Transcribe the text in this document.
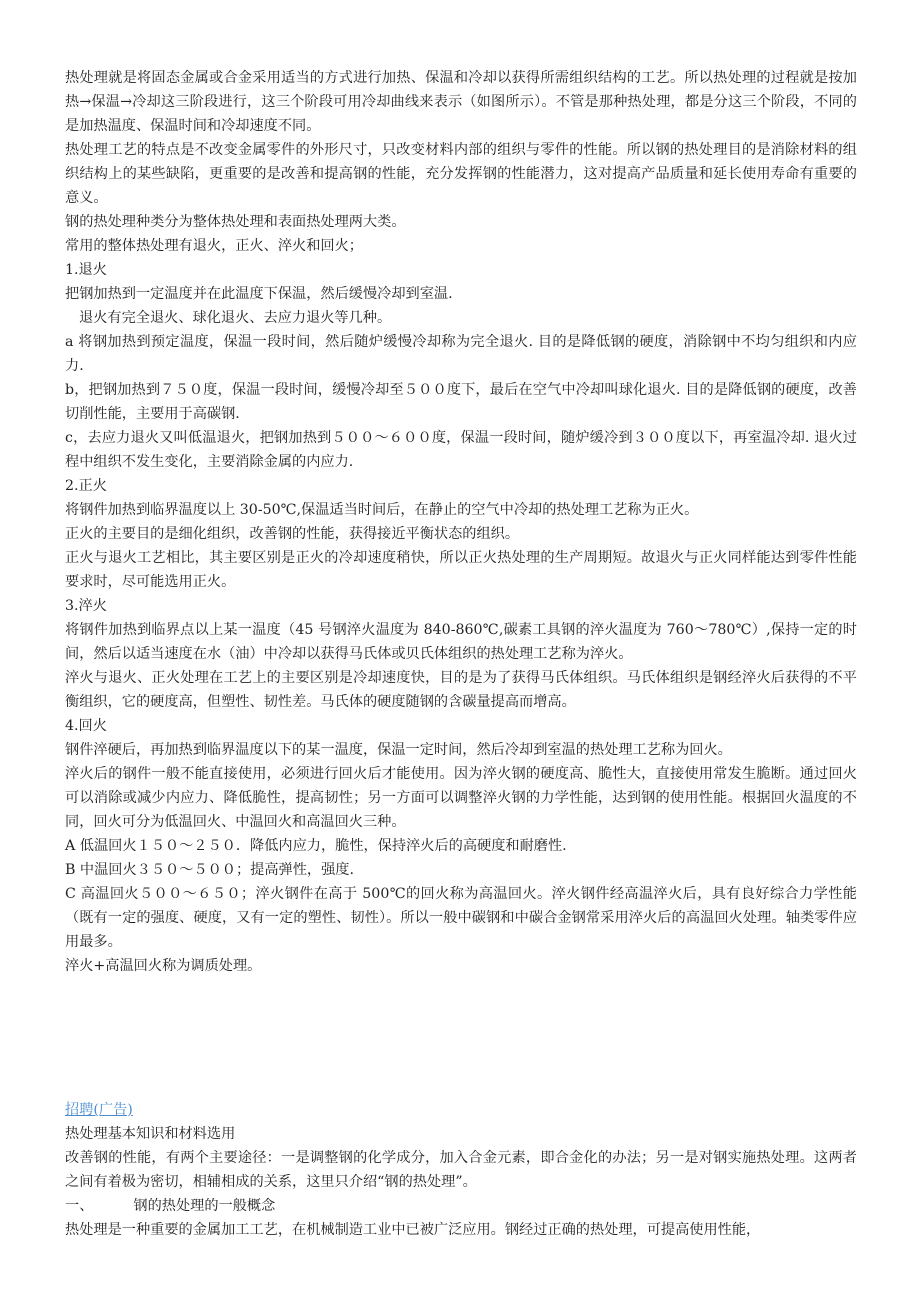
热处理就是将固态金属或合金采用适当的方式进行加热、保温和冷却以获得所需组织结构的工艺。所以热处理的过程就是按加热→保温→冷却这三阶段进行，这三个阶段可用冷却曲线来表示（如图所示）。不管是那种热处理，都是分这三个阶段，不同的是加热温度、保温时间和冷却速度不同。

热处理工艺的特点是不改变金属零件的外形尺寸，只改变材料内部的组织与零件的性能。所以钢的热处理目的是消除材料的组织结构上的某些缺陷，更重要的是改善和提高钢的性能，充分发挥钢的性能潜力，这对提高产品质量和延长使用寿命有重要的意义。

钢的热处理种类分为整体热处理和表面热处理两大类。

常用的整体热处理有退火，正火、淬火和回火；

1.退火

把钢加热到一定温度并在此温度下保温，然后缓慢冷却到室温.

退火有完全退火、球化退火、去应力退火等几种。

a 将钢加热到预定温度，保温一段时间，然后随炉缓慢冷却称为完全退火. 目的是降低钢的硬度，消除钢中不均匀组织和内应力.

b，把钢加热到７５０度，保温一段时间，缓慢冷却至５００度下，最后在空气中冷却叫球化退火. 目的是降低钢的硬度，改善切削性能，主要用于高碳钢.

c，去应力退火又叫低温退火，把钢加热到５００～６００度，保温一段时间，随炉缓冷到３００度以下，再室温冷却. 退火过程中组织不发生变化，主要消除金属的内应力.

2.正火

将钢件加热到临界温度以上 30-50℃,保温适当时间后，在静止的空气中冷却的热处理工艺称为正火。

正火的主要目的是细化组织，改善钢的性能，获得接近平衡状态的组织。

正火与退火工艺相比，其主要区别是正火的冷却速度稍快，所以正火热处理的生产周期短。故退火与正火同样能达到零件性能要求时，尽可能选用正火。

3.淬火

将钢件加热到临界点以上某一温度（45 号钢淬火温度为 840-860℃,碳素工具钢的淬火温度为 760～780℃）,保持一定的时间，然后以适当速度在水（油）中冷却以获得马氏体或贝氏体组织的热处理工艺称为淬火。

淬火与退火、正火处理在工艺上的主要区别是冷却速度快，目的是为了获得马氏体组织。马氏体组织是钢经淬火后获得的不平衡组织，它的硬度高，但塑性、韧性差。马氏体的硬度随钢的含碳量提高而增高。

4.回火

钢件淬硬后，再加热到临界温度以下的某一温度，保温一定时间，然后冷却到室温的热处理工艺称为回火。

淬火后的钢件一般不能直接使用，必须进行回火后才能使用。因为淬火钢的硬度高、脆性大，直接使用常发生脆断。通过回火可以消除或减少内应力、降低脆性，提高韧性；另一方面可以调整淬火钢的力学性能，达到钢的使用性能。根据回火温度的不同，回火可分为低温回火、中温回火和高温回火三种。

A 低温回火１５０～２５０．降低内应力，脆性，保持淬火后的高硬度和耐磨性.

B 中温回火３５０～５００；提高弹性，强度.

C 高温回火５００～６５０；淬火钢件在高于 500℃的回火称为高温回火。淬火钢件经高温淬火后，具有良好综合力学性能（既有一定的强度、硬度，又有一定的塑性、韧性）。所以一般中碳钢和中碳合金钢常采用淬火后的高温回火处理。轴类零件应用最多。

淬火+高温回火称为调质处理。

招聘(广告)

热处理基本知识和材料选用

改善钢的性能，有两个主要途径：一是调整钢的化学成分，加入合金元素，即合金化的办法；另一是对钢实施热处理。这两者之间有着极为密切，相辅相成的关系，这里只介绍“钢的热处理”。

一、	钢的热处理的一般概念

热处理是一种重要的金属加工工艺，在机械制造工业中已被广泛应用。钢经过正确的热处理，可提高使用性能，
